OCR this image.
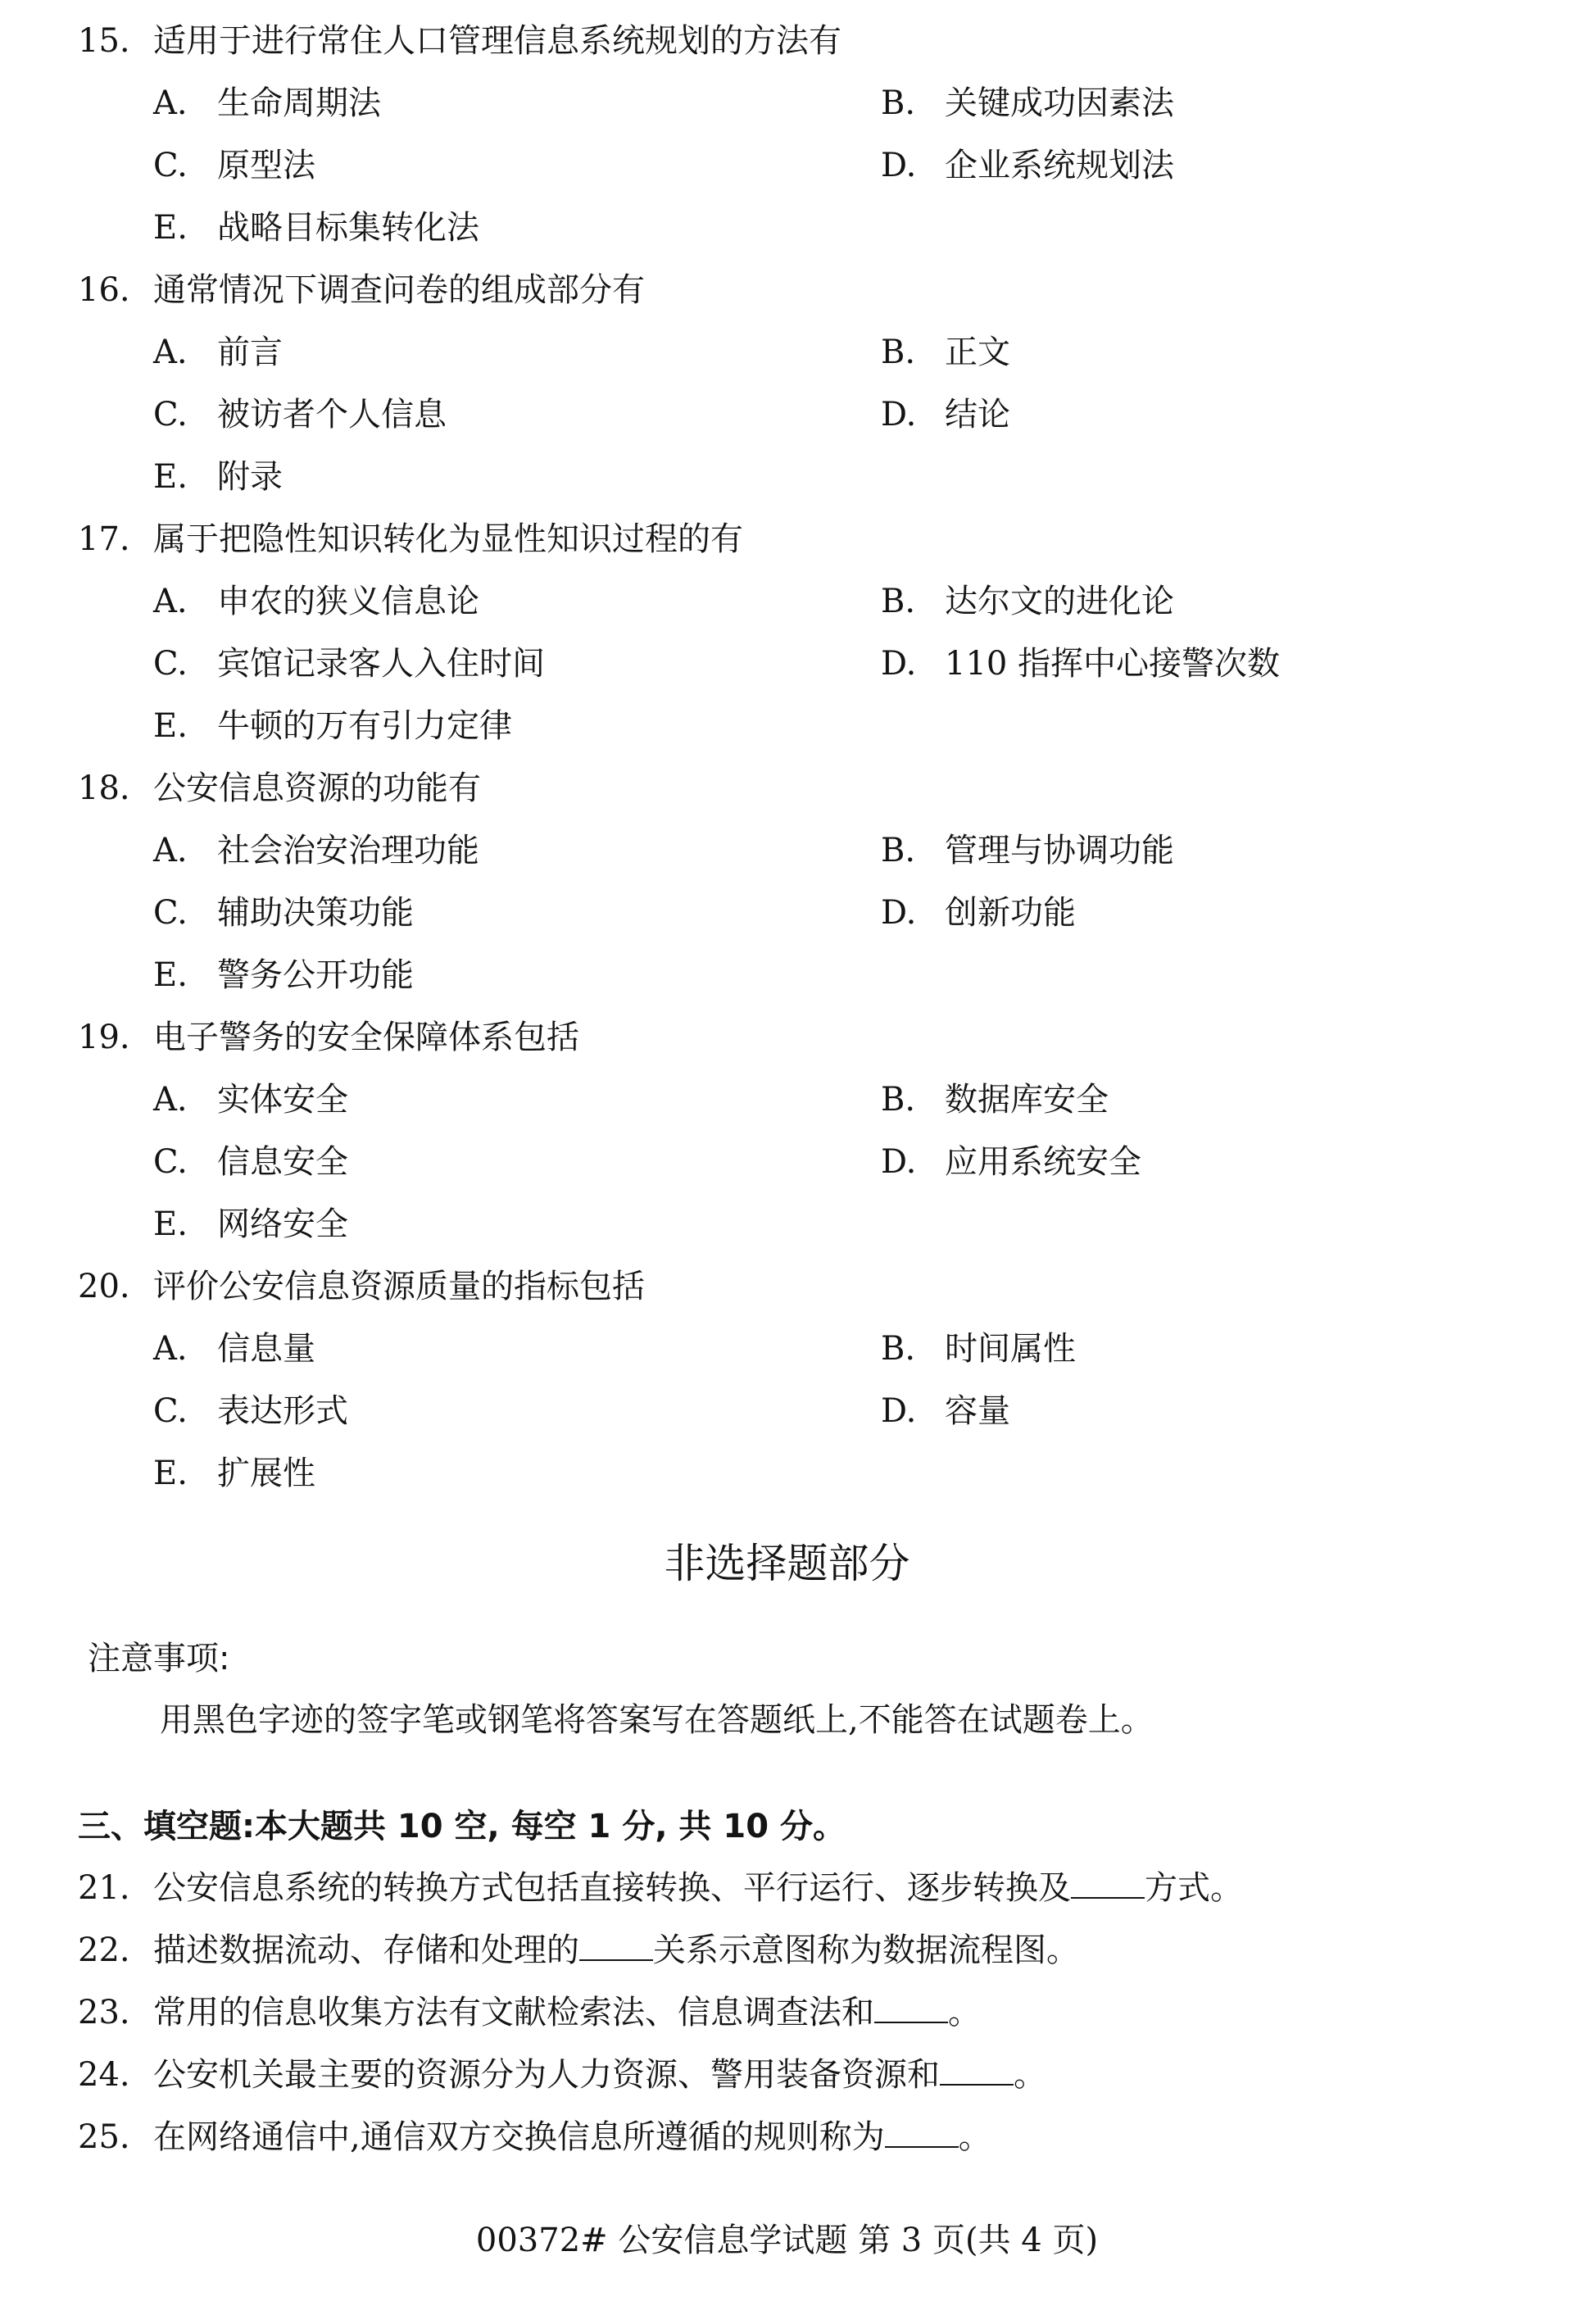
15. 适用于进行常住人口管理信息系统规划的方法有
A. 生命周期法	B. 关键成功因素法
C. 原型法	D. 企业系统规划法
E. 战略目标集转化法
16. 通常情况下调查问卷的组成部分有
A. 前言	B. 正文
C. 被访者个人信息	D. 结论
E. 附录
17. 属于把隐性知识转化为显性知识过程的有
A. 申农的狭义信息论	B. 达尔文的进化论
C. 宾馆记录客人入住时间	D. 110 指挥中心接警次数
E. 牛顿的万有引力定律
18. 公安信息资源的功能有
A. 社会治安治理功能	B. 管理与协调功能
C. 辅助决策功能	D. 创新功能
E. 警务公开功能
19. 电子警务的安全保障体系包括
A. 实体安全	B. 数据库安全
C. 信息安全	D. 应用系统安全
E. 网络安全
20. 评价公安信息资源质量的指标包括
A. 信息量	B. 时间属性
C. 表达形式	D. 容量
E. 扩展性
非选择题部分
注意事项:
用黑色字迹的签字笔或钢笔将答案写在答题纸上,不能答在试题卷上。
三、填空题:本大题共 10 空, 每空 1 分, 共 10 分。
21. 公安信息系统的转换方式包括直接转换、平行运行、逐步转换及 方式。
22. 描述数据流动、存储和处理的 关系示意图称为数据流程图。
23. 常用的信息收集方法有文献检索法、信息调查法和 。
24. 公安机关最主要的资源分为人力资源、警用装备资源和 。
25. 在网络通信中,通信双方交换信息所遵循的规则称为 。
00372# 公安信息学试题 第 3 页(共 4 页)
